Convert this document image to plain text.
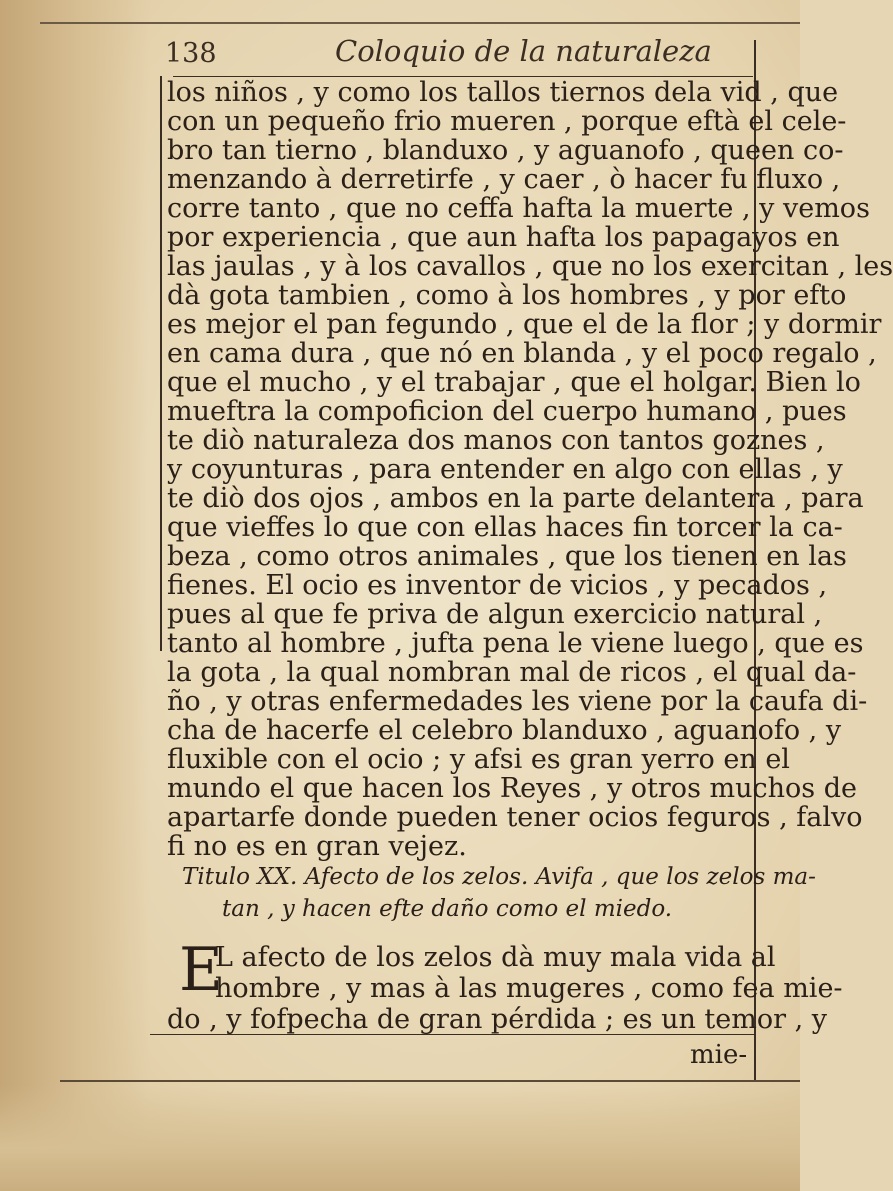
138	Coloquio de la naturaleza
los niños , y como los tallos tiernos dela vid , que
con un pequeño frio mueren , porque eftà el cele-
bro tan tierno , blanduxo , y aguanofo , queen co-
menzando à derretirfe , y caer , ò hacer fu fluxo ,
corre tanto , que no ceffa hafta la muerte , y vemos
por experiencia , que aun hafta los papagayos en
las jaulas , y à los cavallos , que no los exercitan , les
dà gota tambien , como à los hombres , y por efto
es mejor el pan fegundo , que el de la flor ; y dormir
en cama dura , que nó en blanda , y el poco regalo ,
que el mucho , y el trabajar , que el holgar. Bien lo
mueftra la compoficion del cuerpo humano , pues
te diò naturaleza dos manos con tantos goznes ,
y coyunturas , para entender en algo con ellas , y
te diò dos ojos , ambos en la parte delantera , para
que vieffes lo que con ellas haces fin torcer la ca-
beza , como otros animales , que los tienen en las
fienes. El ocio es inventor de vicios , y pecados ,
pues al que fe priva de algun exercicio natural ,
tanto al hombre , jufta pena le viene luego , que es
la gota , la qual nombran mal de ricos , el qual da-
ño , y otras enfermedades les viene por la caufa di-
cha de hacerfe el celebro blanduxo , aguanofo , y
fluxible con el ocio ; y afsi es gran yerro en el
mundo el que hacen los Reyes , y otros muchos de
apartarfe donde pueden tener ocios feguros , falvo
fi no es en gran vejez.
Titulo XX. Afecto de los zelos. Avifa , que los zelos ma-
tan , y hacen efte daño como el miedo.
E
L afecto de los zelos dà muy mala vida al
hombre , y mas à las mugeres , como fea mie-
do , y fofpecha de gran pérdida ; es un temor , y
mie-
